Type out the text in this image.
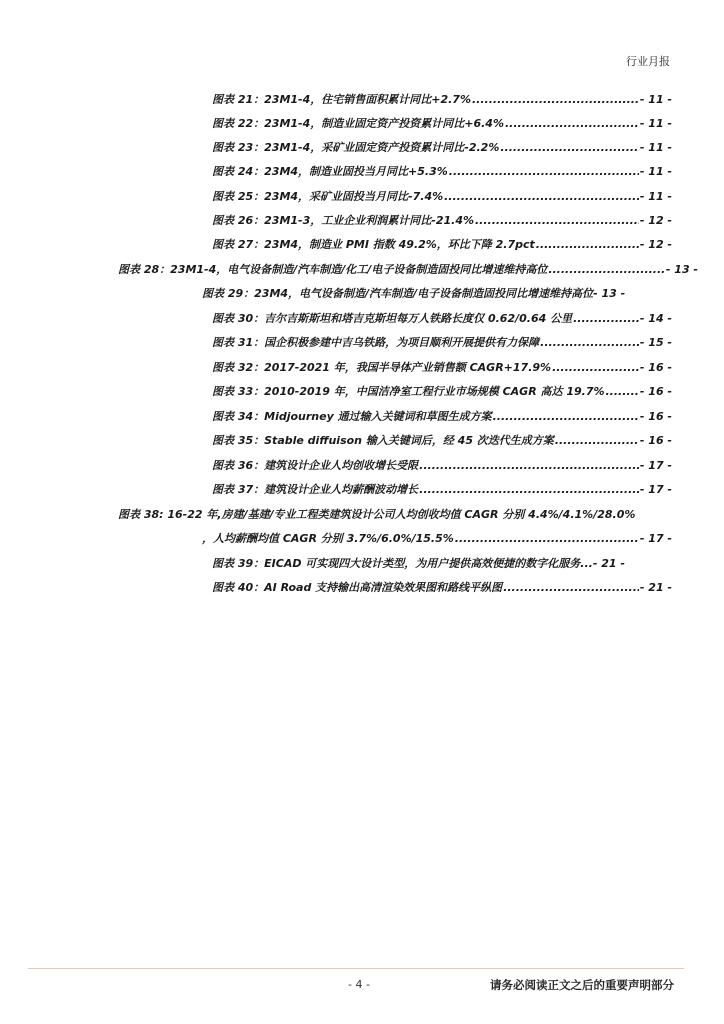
行业月报
图表 21：23M1-4，住宅销售面积累计同比+2.7% .....	- 11 -
图表 22：23M1-4，制造业固定资产投资累计同比+6.4% .....	- 11 -
图表 23：23M1-4，采矿业固定资产投资累计同比-2.2% .....	- 11 -
图表 24：23M4，制造业固投当月同比+5.3% .....	- 11 -
图表 25：23M4，采矿业固投当月同比-7.4% .....	- 11 -
图表 26：23M1-3，工业企业利润累计同比-21.4% .....	- 12 -
图表 27：23M4，制造业 PMI 指数 49.2%，环比下降 2.7pct .....	- 12 -
图表 28：23M1-4，电气设备制造/汽车制造/化工/电子设备制造固投同比增速维持高位 .....	- 13 -
图表 29：23M4，电气设备制造/汽车制造/电子设备制造固投同比增速维持高位 - 13 -
图表 30：吉尔吉斯斯坦和塔吉克斯坦每万人铁路长度仅 0.62/0.64 公里 .....	- 14 -
图表 31：国企积极参建中吉乌铁路，为项目顺利开展提供有力保障 .....	- 15 -
图表 32：2017-2021 年，我国半导体产业销售额 CAGR+17.9% .....	- 16 -
图表 33：2010-2019 年，中国洁净室工程行业市场规模 CAGR 高达 19.7% .....	- 16 -
图表 34：Midjourney 通过输入关键词和草图生成方案 .....	- 16 -
图表 35：Stable diffuison 输入关键词后，经 45 次迭代生成方案 .....	- 16 -
图表 36：建筑设计企业人均创收增长受限 .....	- 17 -
图表 37：建筑设计企业人均薪酬波动增长 .....	- 17 -
图表 38: 16-22 年,房建/基建/专业工程类建筑设计公司人均创收均值 CAGR 分别 4.4%/4.1%/28.0%
，人均薪酬均值 CAGR 分别 3.7%/6.0%/15.5% .....	- 17 -
图表 39：EICAD 可实现四大设计类型，为用户提供高效便捷的数字化服务... - 21 -
图表 40：AI Road 支持输出高清渲染效果图和路线平纵图 .....	- 21 -
- 4 -	请务必阅读正文之后的重要声明部分
